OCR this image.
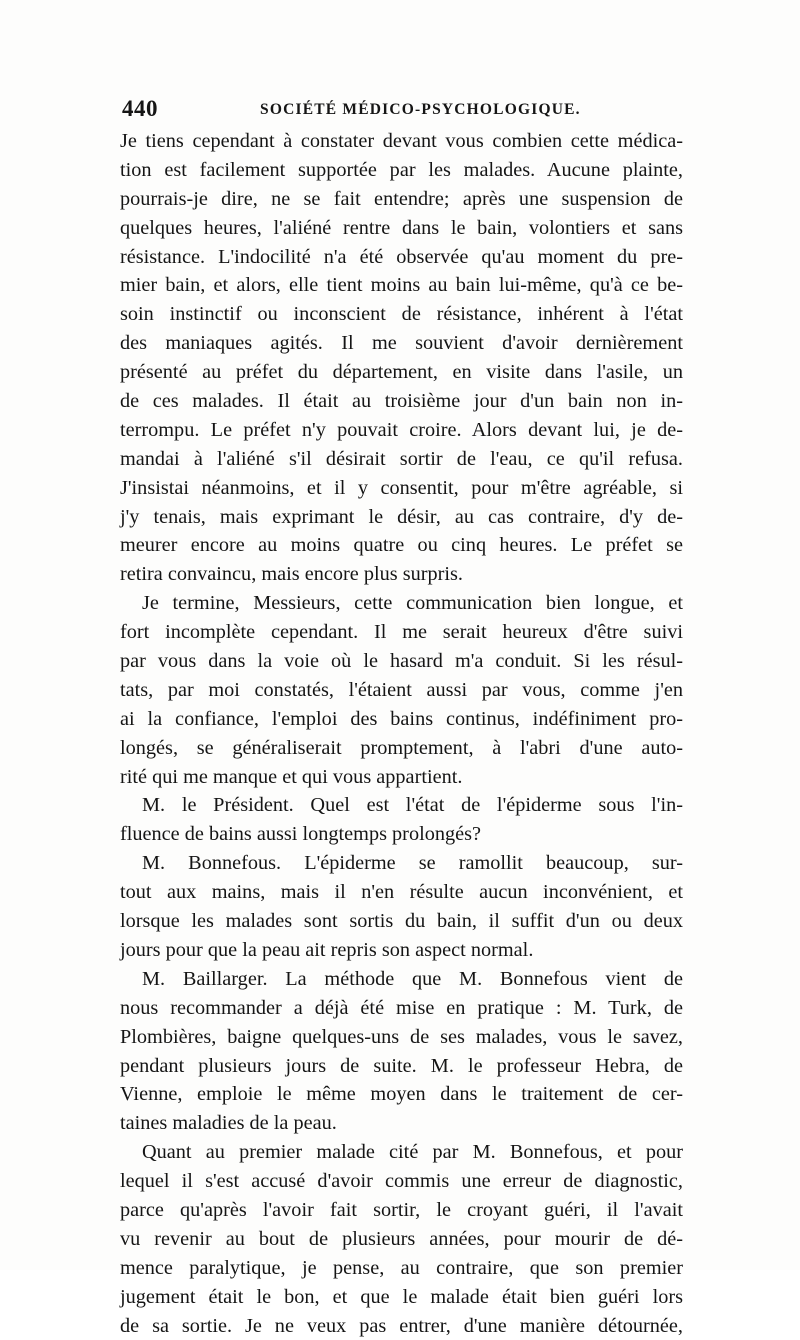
440	SOCIÉTÉ MÉDICO-PSYCHOLOGIQUE.
Je tiens cependant à constater devant vous combien cette médica-
tion est facilement supportée par les malades. Aucune plainte,
pourrais-je dire, ne se fait entendre; après une suspension de
quelques heures, l'aliéné rentre dans le bain, volontiers et sans
résistance. L'indocilité n'a été observée qu'au moment du pre-
mier bain, et alors, elle tient moins au bain lui-même, qu'à ce be-
soin instinctif ou inconscient de résistance, inhérent à l'état
des maniaques agités. Il me souvient d'avoir dernièrement
présenté au préfet du département, en visite dans l'asile, un
de ces malades. Il était au troisième jour d'un bain non in-
terrompu. Le préfet n'y pouvait croire. Alors devant lui, je de-
mandai à l'aliéné s'il désirait sortir de l'eau, ce qu'il refusa.
J'insistai néanmoins, et il y consentit, pour m'être agréable, si
j'y tenais, mais exprimant le désir, au cas contraire, d'y de-
meurer encore au moins quatre ou cinq heures. Le préfet se
retira convaincu, mais encore plus surpris.
Je termine, Messieurs, cette communication bien longue, et
fort incomplète cependant. Il me serait heureux d'être suivi
par vous dans la voie où le hasard m'a conduit. Si les résul-
tats, par moi constatés, l'étaient aussi par vous, comme j'en
ai la confiance, l'emploi des bains continus, indéfiniment pro-
longés, se généraliserait promptement, à l'abri d'une auto-
rité qui me manque et qui vous appartient.
M. le Président. Quel est l'état de l'épiderme sous l'in-
fluence de bains aussi longtemps prolongés?
M. Bonnefous. L'épiderme se ramollit beaucoup, sur-
tout aux mains, mais il n'en résulte aucun inconvénient, et
lorsque les malades sont sortis du bain, il suffit d'un ou deux
jours pour que la peau ait repris son aspect normal.
M. Baillarger. La méthode que M. Bonnefous vient de
nous recommander a déjà été mise en pratique : M. Turk, de
Plombières, baigne quelques-uns de ses malades, vous le savez,
pendant plusieurs jours de suite. M. le professeur Hebra, de
Vienne, emploie le même moyen dans le traitement de cer-
taines maladies de la peau.
Quant au premier malade cité par M. Bonnefous, et pour
lequel il s'est accusé d'avoir commis une erreur de diagnostic,
parce qu'après l'avoir fait sortir, le croyant guéri, il l'avait
vu revenir au bout de plusieurs années, pour mourir de dé-
mence paralytique, je pense, au contraire, que son premier
jugement était le bon, et que le malade était bien guéri lors
de sa sortie. Je ne veux pas entrer, d'une manière détournée,
